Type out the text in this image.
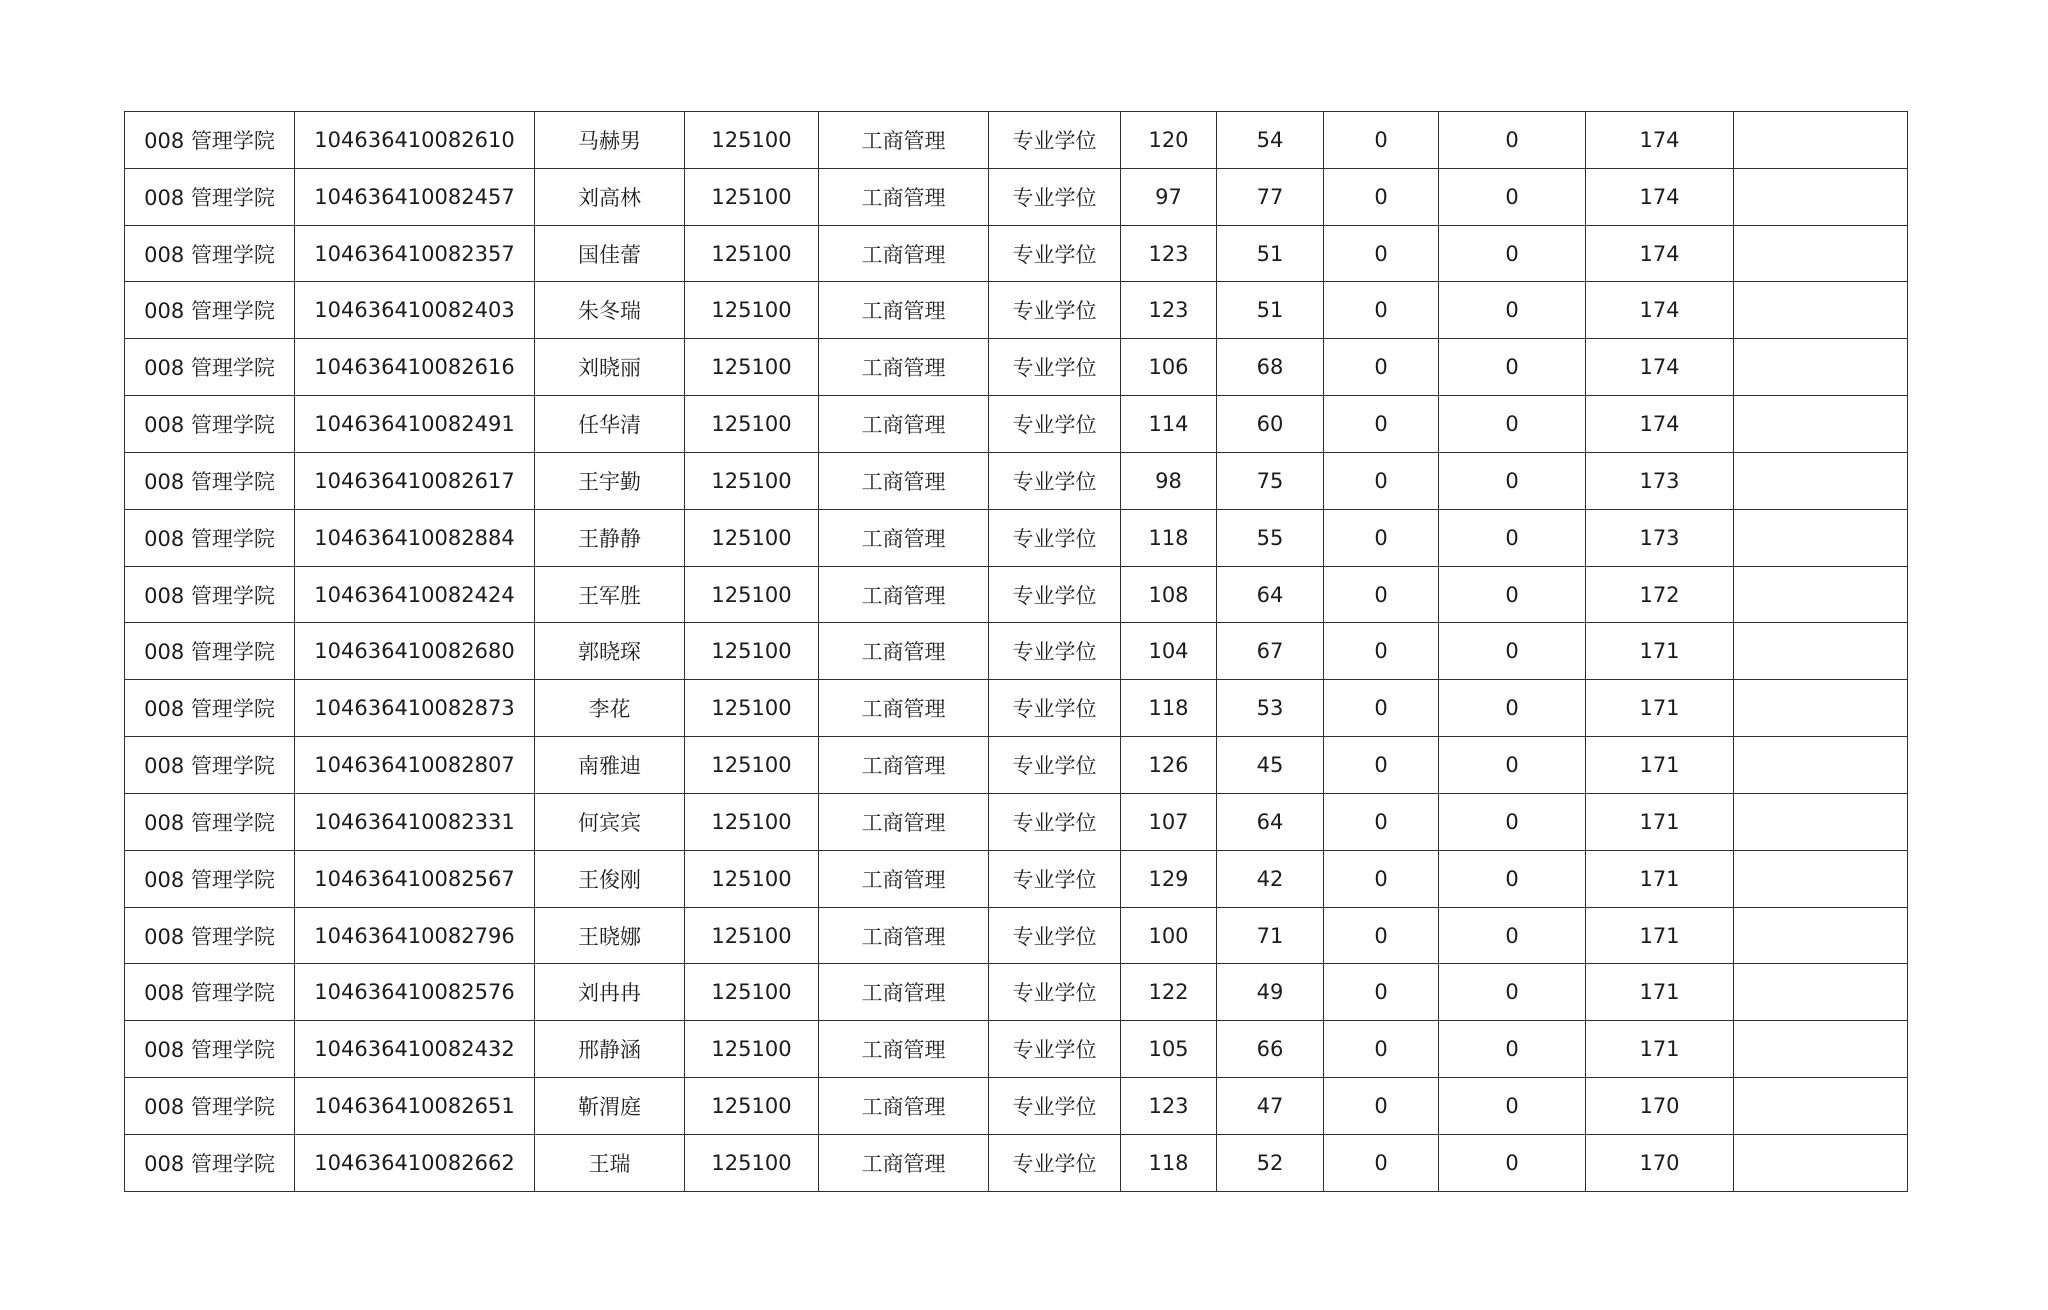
008 管理学院	104636410082610	马赫男	125100	工商管理	专业学位	120	54	0	0	174	
008 管理学院	104636410082457	刘高林	125100	工商管理	专业学位	97	77	0	0	174	
008 管理学院	104636410082357	国佳蕾	125100	工商管理	专业学位	123	51	0	0	174	
008 管理学院	104636410082403	朱冬瑞	125100	工商管理	专业学位	123	51	0	0	174	
008 管理学院	104636410082616	刘晓丽	125100	工商管理	专业学位	106	68	0	0	174	
008 管理学院	104636410082491	任华清	125100	工商管理	专业学位	114	60	0	0	174	
008 管理学院	104636410082617	王宇勤	125100	工商管理	专业学位	98	75	0	0	173	
008 管理学院	104636410082884	王静静	125100	工商管理	专业学位	118	55	0	0	173	
008 管理学院	104636410082424	王军胜	125100	工商管理	专业学位	108	64	0	0	172	
008 管理学院	104636410082680	郭晓琛	125100	工商管理	专业学位	104	67	0	0	171	
008 管理学院	104636410082873	李花	125100	工商管理	专业学位	118	53	0	0	171	
008 管理学院	104636410082807	南雅迪	125100	工商管理	专业学位	126	45	0	0	171	
008 管理学院	104636410082331	何宾宾	125100	工商管理	专业学位	107	64	0	0	171	
008 管理学院	104636410082567	王俊刚	125100	工商管理	专业学位	129	42	0	0	171	
008 管理学院	104636410082796	王晓娜	125100	工商管理	专业学位	100	71	0	0	171	
008 管理学院	104636410082576	刘冉冉	125100	工商管理	专业学位	122	49	0	0	171	
008 管理学院	104636410082432	邢静涵	125100	工商管理	专业学位	105	66	0	0	171	
008 管理学院	104636410082651	靳渭庭	125100	工商管理	专业学位	123	47	0	0	170	
008 管理学院	104636410082662	王瑞	125100	工商管理	专业学位	118	52	0	0	170	
